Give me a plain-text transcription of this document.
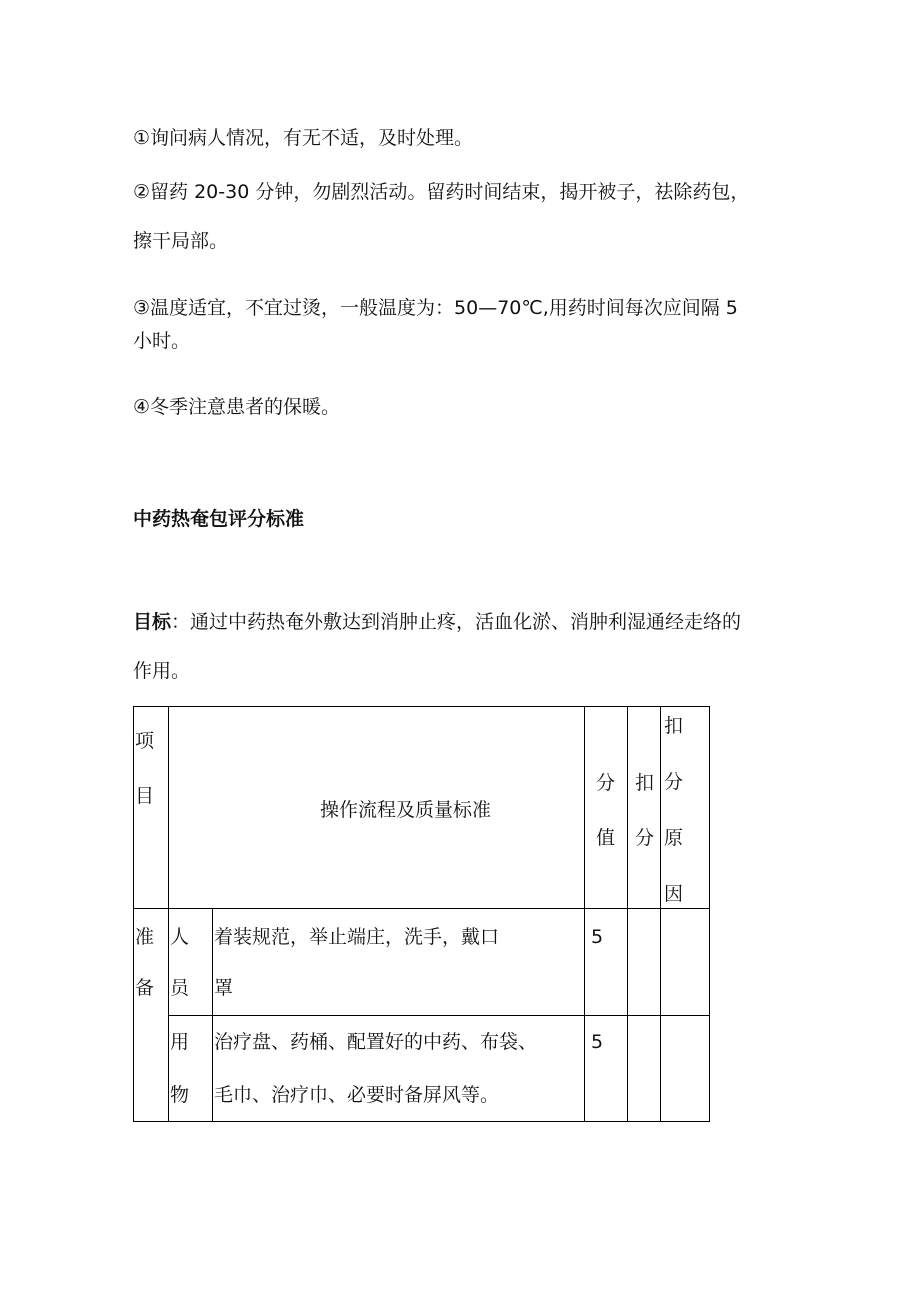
①询问病人情况，有无不适，及时处理。
②留药 20-30 分钟，勿剧烈活动。留药时间结束，揭开被子，祛除药包，
擦干局部。
③温度适宜，不宜过烫，一般温度为：50—70℃,用药时间每次应间隔 5
小时。
④冬季注意患者的保暖。
中药热奄包评分标准
目标：通过中药热奄外敷达到消肿止疼，活血化淤、消肿利湿通经走络的
作用。
项
目
操作流程及质量标准
分
值
扣
分
扣
分
原
因
准
备
人
员
着装规范，举止端庄，洗手，戴口
罩
5
用
物
治疗盘、药桶、配置好的中药、布袋、
毛巾、治疗巾、必要时备屏风等。
5
